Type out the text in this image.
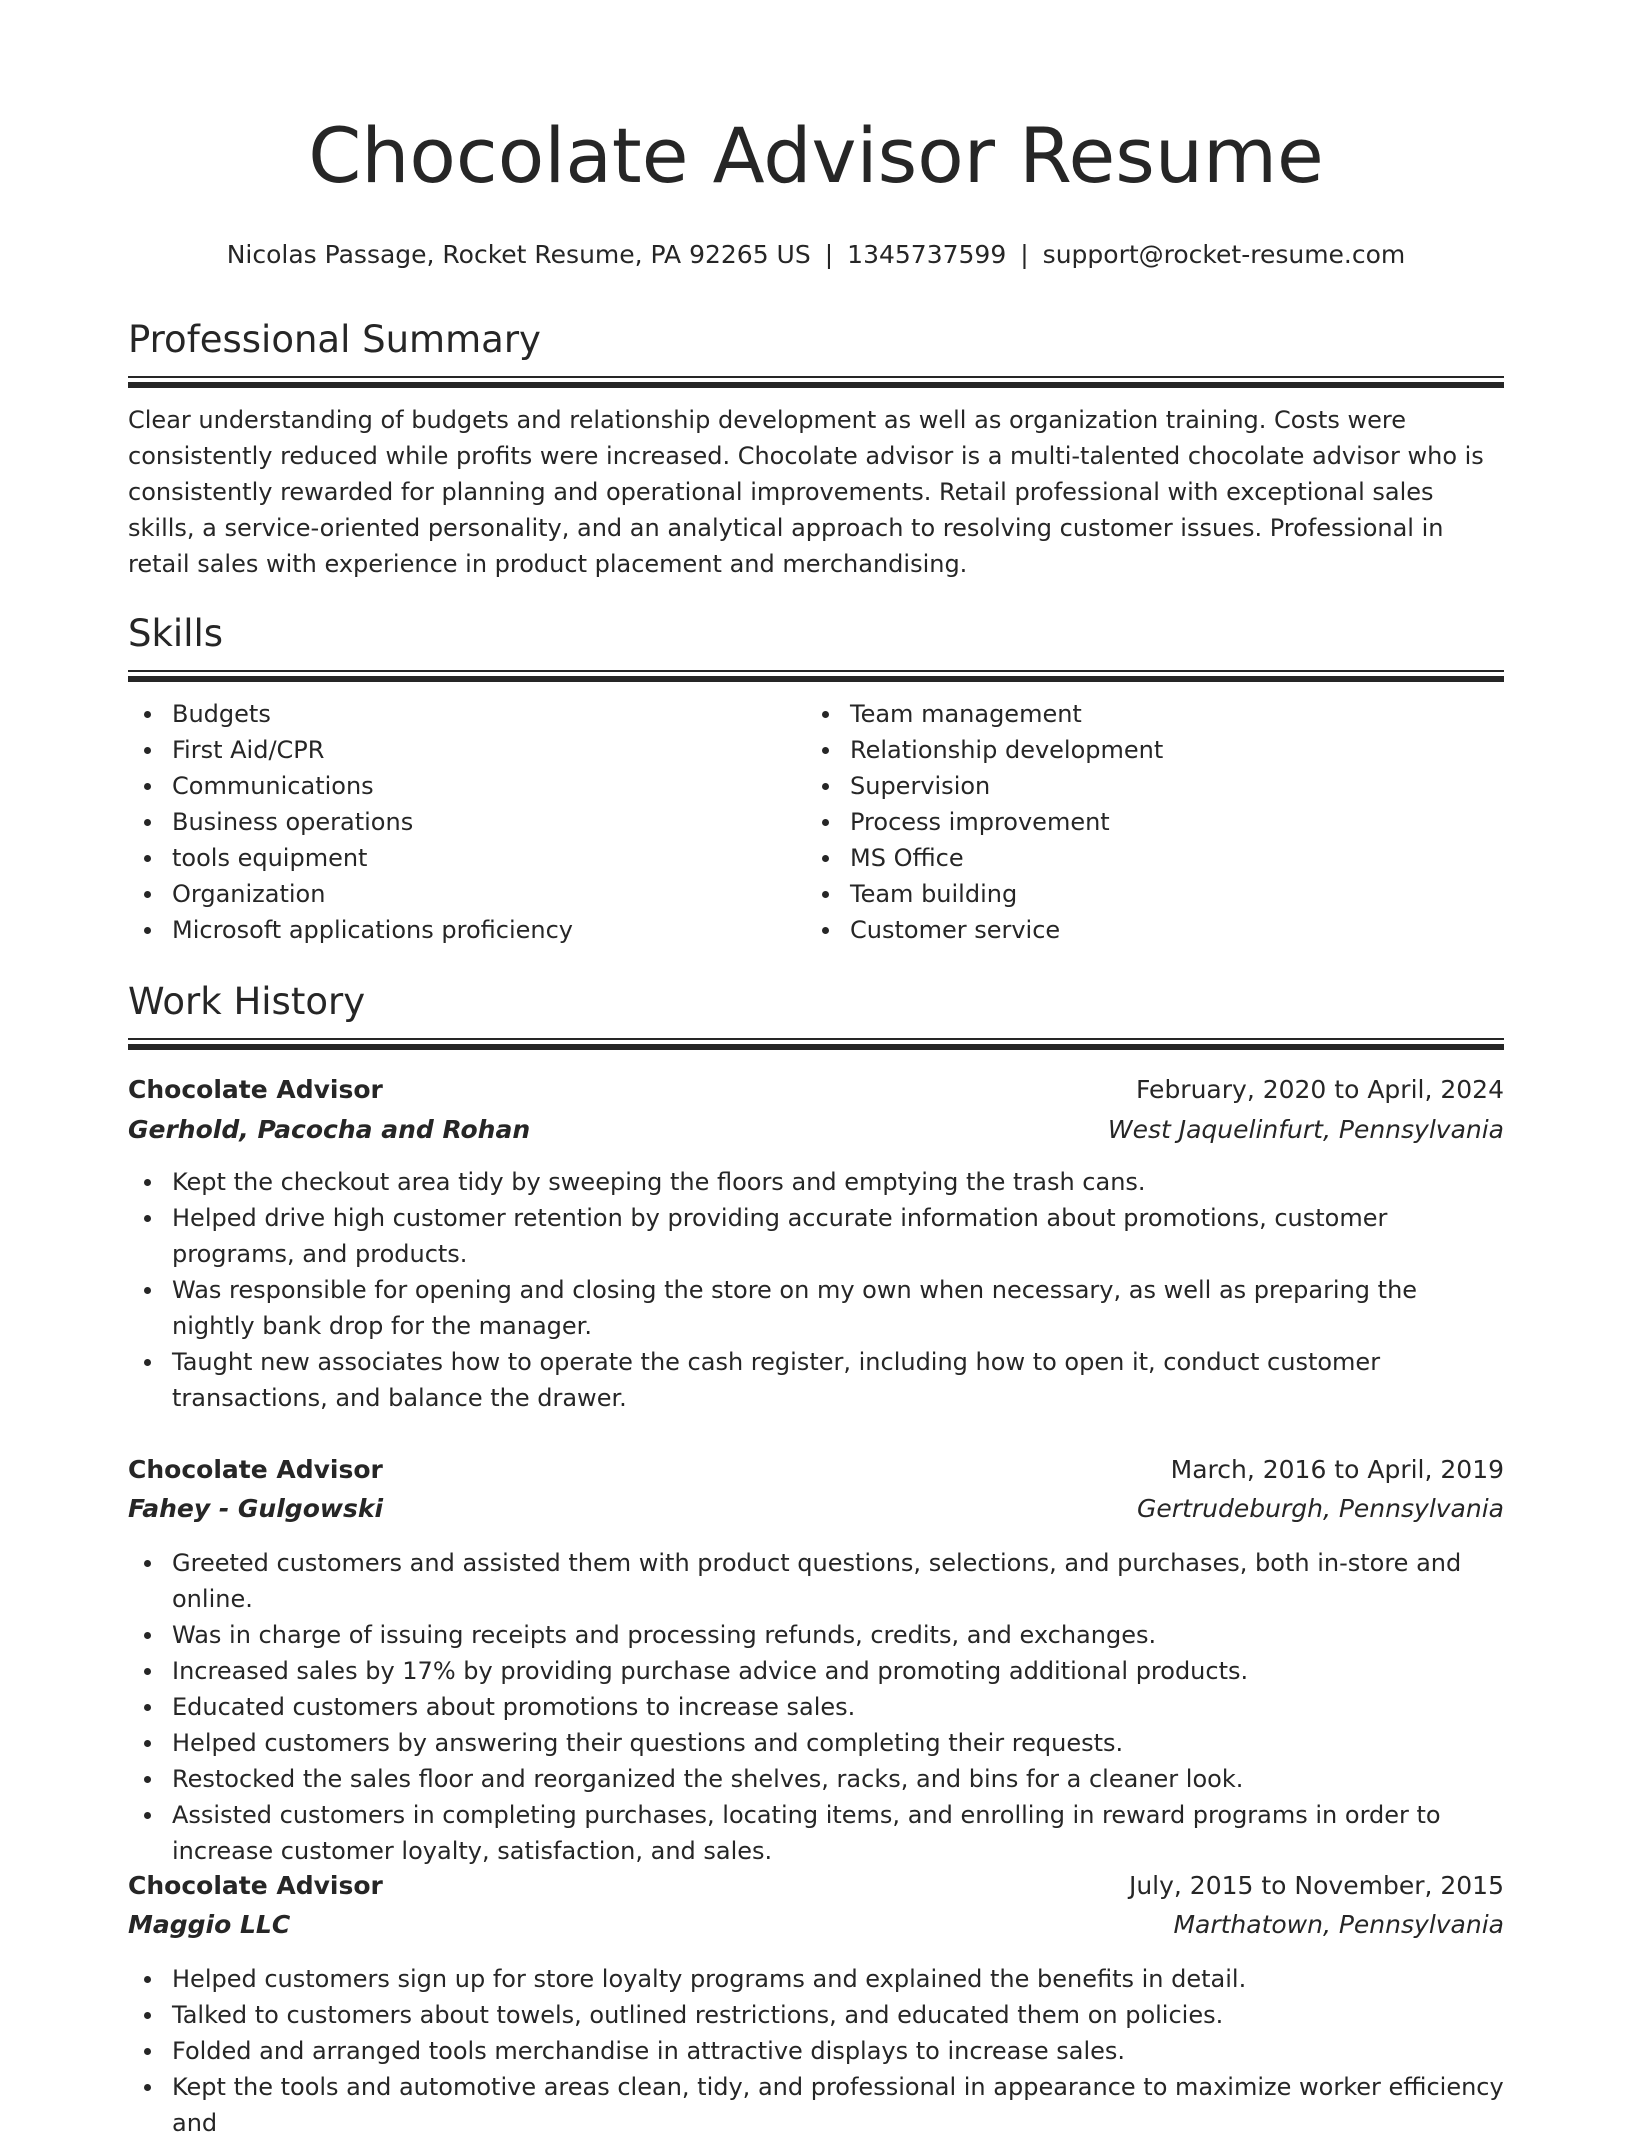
Chocolate Advisor Resume
Nicolas Passage, Rocket Resume, PA 92265 US | 1345737599 | support@rocket-resume.com
Professional Summary

Clear understanding of budgets and relationship development as well as organization training. Costs were consistently reduced while profits were increased. Chocolate advisor is a multi-talented chocolate advisor who is consistently rewarded for planning and operational improvements. Retail professional with exceptional sales skills, a service-oriented personality, and an analytical approach to resolving customer issues. Professional in retail sales with experience in product placement and merchandising.

Skills
Budgets
First Aid/CPR
Communications
Business operations
tools equipment
Organization
Microsoft applications proficiency
Team management
Relationship development
Supervision
Process improvement
MS Office
Team building
Customer service
Work History
Chocolate Advisor	February, 2020 to April, 2024
Gerhold, Pacocha and Rohan	West Jaquelinfurt, Pennsylvania
Kept the checkout area tidy by sweeping the floors and emptying the trash cans.
Helped drive high customer retention by providing accurate information about promotions, customer programs, and products.
Was responsible for opening and closing the store on my own when necessary, as well as preparing the nightly bank drop for the manager.
Taught new associates how to operate the cash register, including how to open it, conduct customer transactions, and balance the drawer.
Chocolate Advisor	March, 2016 to April, 2019
Fahey - Gulgowski	Gertrudeburgh, Pennsylvania
Greeted customers and assisted them with product questions, selections, and purchases, both in-store and online.
Was in charge of issuing receipts and processing refunds, credits, and exchanges.
Increased sales by 17% by providing purchase advice and promoting additional products.
Educated customers about promotions to increase sales.
Helped customers by answering their questions and completing their requests.
Restocked the sales floor and reorganized the shelves, racks, and bins for a cleaner look.
Assisted customers in completing purchases, locating items, and enrolling in reward programs in order to increase customer loyalty, satisfaction, and sales.
Chocolate Advisor	July, 2015 to November, 2015
Maggio LLC	Marthatown, Pennsylvania
Helped customers sign up for store loyalty programs and explained the benefits in detail.
Talked to customers about towels, outlined restrictions, and educated them on policies.
Folded and arranged tools merchandise in attractive displays to increase sales.
Kept the tools and automotive areas clean, tidy, and professional in appearance to maximize worker efficiency and
